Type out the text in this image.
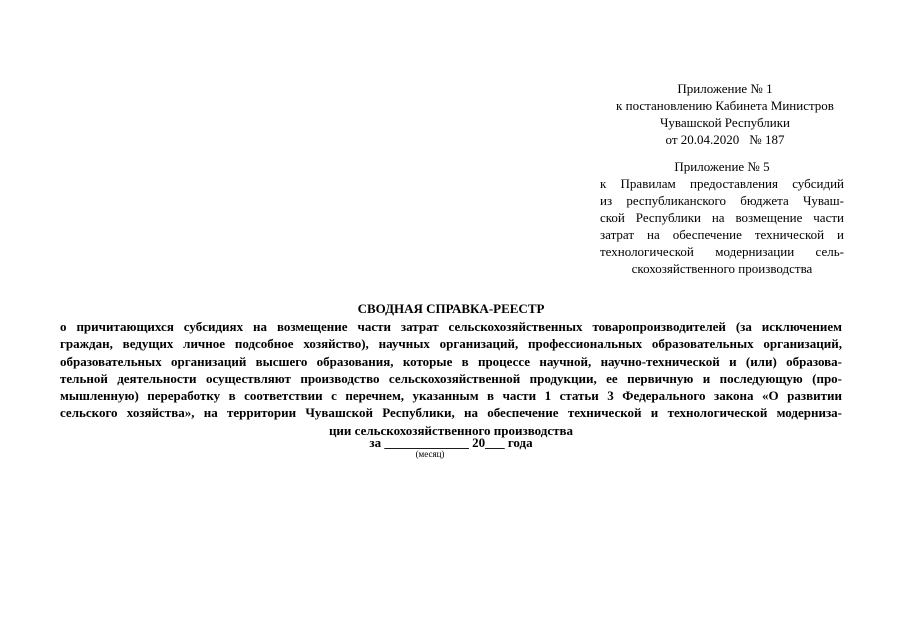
Приложение № 1
к постановлению Кабинета Министров
Чувашской Республики
от 20.04.2020 № 187
Приложение № 5
к Правилам предоставления субсидий
из республиканского бюджета Чуваш-
ской Республики на возмещение части
затрат на обеспечение технической и
технологической модернизации сель-
скохозяйственного производства
СВОДНАЯ СПРАВКА-РЕЕСТР
о причитающихся субсидиях на возмещение части затрат сельскохозяйственных товаропроизводителей (за исключением
граждан, ведущих личное подсобное хозяйство), научных организаций, профессиональных образовательных организаций,
образовательных организаций высшего образования, которые в процессе научной, научно-технической и (или) образова-
тельной деятельности осуществляют производство сельскохозяйственной продукции, ее первичную и последующую (про-
мышленную) переработку в соответствии с перечнем, указанным в части 1 статьи 3 Федерального закона «О развитии
сельского хозяйства», на территории Чувашской Республики, на обеспечение технической и технологической модерниза-
ции сельскохозяйственного производства
за _____________ 20___ года
(месяц)
